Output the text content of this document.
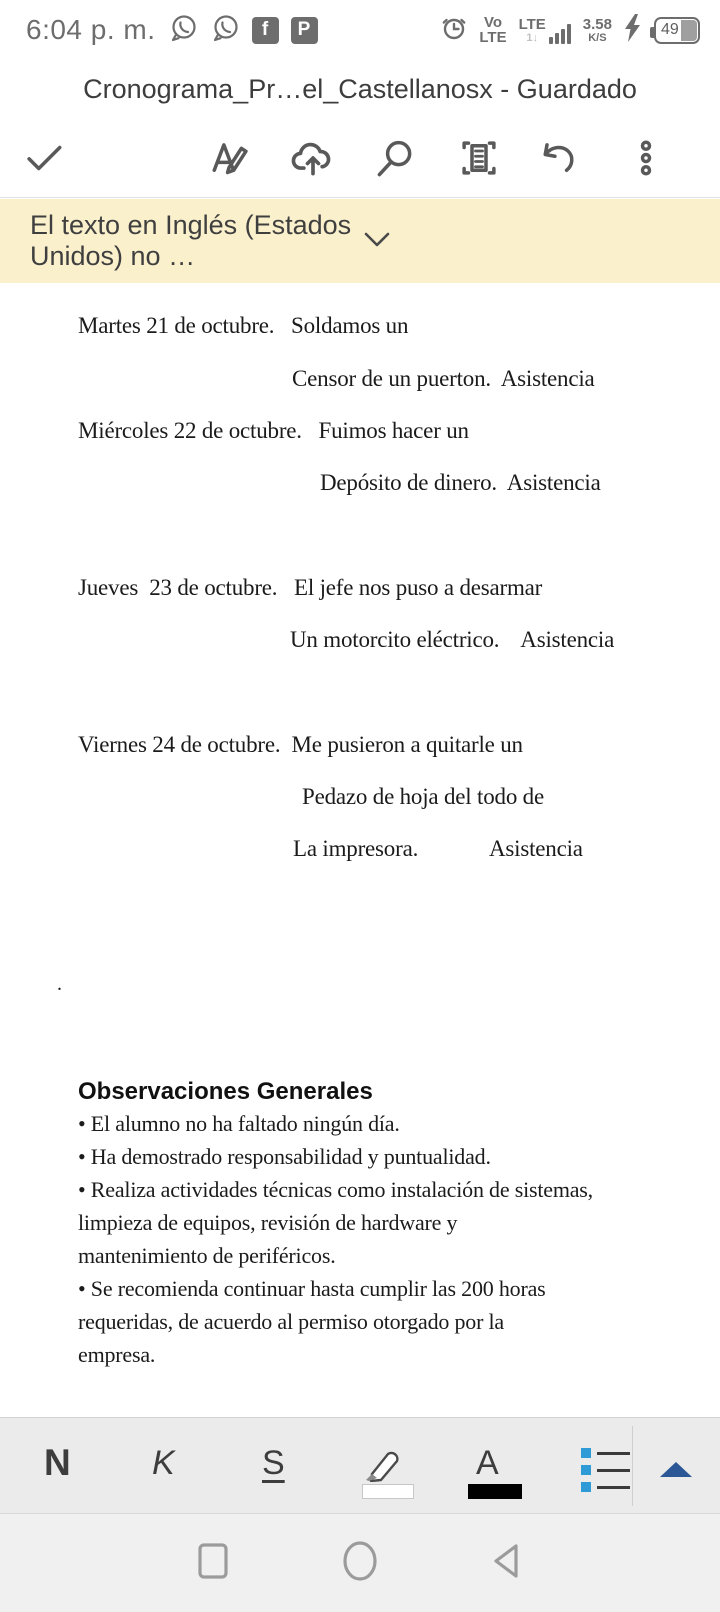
6:04 p. m.	f	P	Vo
LTE
LTE
1↓
3.58
K/S	49
Cronograma_Pr…el_Castellanosx - Guardado
El texto en Inglés (Estados Unidos) no …
Martes 21 de octubre.   Soldamos un
Censor de un puerton.  Asistencia
Miércoles 22 de octubre.   Fuimos hacer un
Depósito de dinero.  Asistencia
Jueves  23 de octubre.   El jefe nos puso a desarmar
Un motorcito eléctrico.    Asistencia
Viernes 24 de octubre.  Me pusieron a quitarle un
Pedazo de hoja del todo de
La impresora.             Asistencia
.
Observaciones Generales
• El alumno no ha faltado ningún día.
• Ha demostrado responsabilidad y puntualidad.
• Realiza actividades técnicas como instalación de sistemas,
limpieza de equipos, revisión de hardware y
mantenimiento de periféricos.
• Se recomienda continuar hasta cumplir las 200 horas
requeridas, de acuerdo al permiso otorgado por la
empresa.
N K	S	A
